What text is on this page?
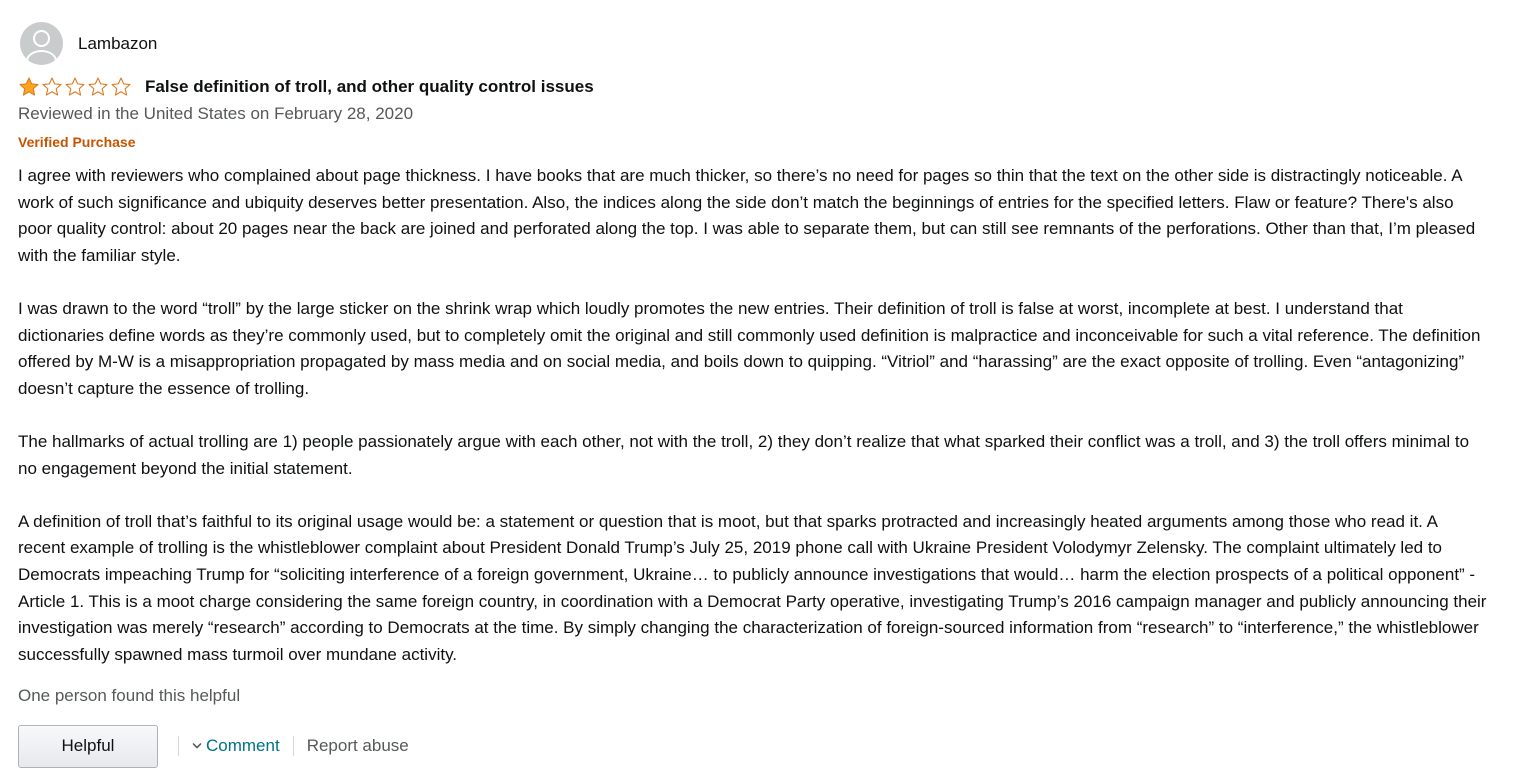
Lambazon
False definition of troll, and other quality control issues
Reviewed in the United States on February 28, 2020
Verified Purchase

I agree with reviewers who complained about page thickness. I have books that are much thicker, so there’s no need for pages so thin that the text on the other side is distractingly noticeable. A work of such significance and ubiquity deserves better presentation. Also, the indices along the side don’t match the beginnings of entries for the specified letters. Flaw or feature? There's also poor quality control: about 20 pages near the back are joined and perforated along the top. I was able to separate them, but can still see remnants of the perforations. Other than that, I’m pleased with the familiar style.

I was drawn to the word “troll” by the large sticker on the shrink wrap which loudly promotes the new entries. Their definition of troll is false at worst, incomplete at best. I understand that dictionaries define words as they’re commonly used, but to completely omit the original and still commonly used definition is malpractice and inconceivable for such a vital reference. The definition offered by M-W is a misappropriation propagated by mass media and on social media, and boils down to quipping. “Vitriol” and “harassing” are the exact opposite of trolling. Even “antagonizing” doesn’t capture the essence of trolling.

The hallmarks of actual trolling are 1) people passionately argue with each other, not with the troll, 2) they don’t realize that what sparked their conflict was a troll, and 3) the troll offers minimal to no engagement beyond the initial statement.

A definition of troll that’s faithful to its original usage would be: a statement or question that is moot, but that sparks protracted and increasingly heated arguments among those who read it. A recent example of trolling is the whistleblower complaint about President Donald Trump’s July 25, 2019 phone call with Ukraine President Volodymyr Zelensky. The complaint ultimately led to Democrats impeaching Trump for “soliciting interference of a foreign government, Ukraine… to publicly announce investigations that would… harm the election prospects of a political opponent” -Article 1. This is a moot charge considering the same foreign country, in coordination with a Democrat Party operative, investigating Trump’s 2016 campaign manager and publicly announcing their investigation was merely “research” according to Democrats at the time. By simply changing the characterization of foreign-sourced information from “research” to “interference,” the whistleblower successfully spawned mass turmoil over mundane activity.

One person found this helpful
Helpful	Comment Report abuse
